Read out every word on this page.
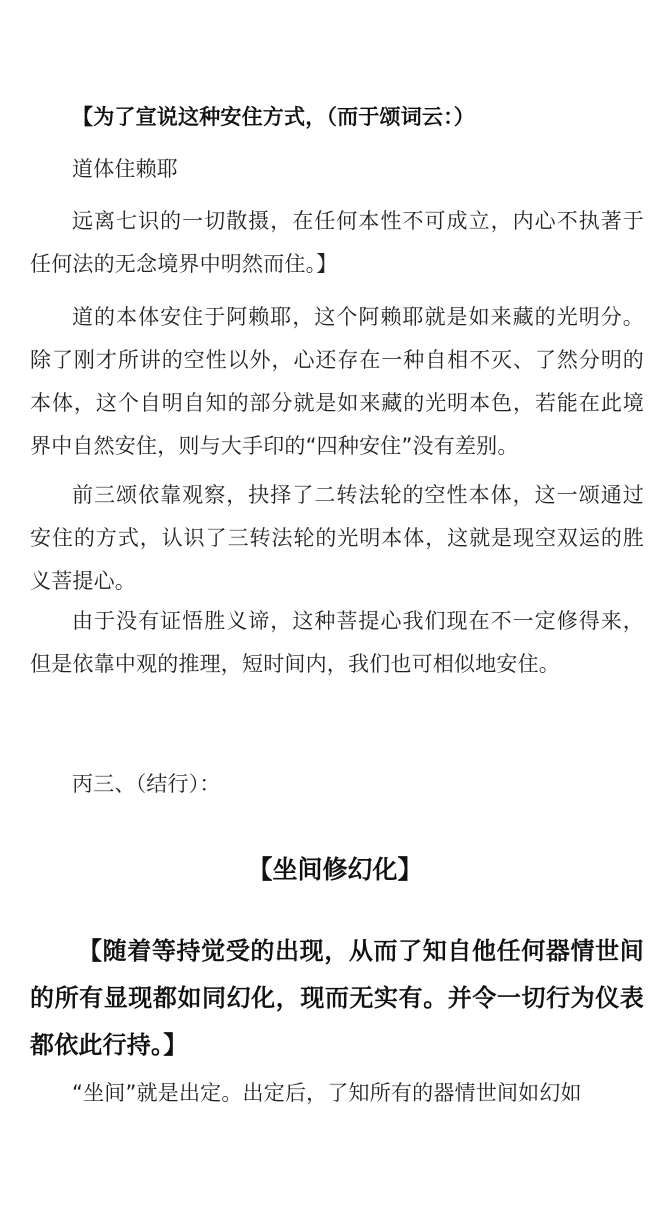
【为了宣说这种安住方式，（而于颂词云：）

道体住赖耶

远离七识的一切散摄，在任何本性不可成立，内心不执著于任何法的无念境界中明然而住。】

道的本体安住于阿赖耶，这个阿赖耶就是如来藏的光明分。除了刚才所讲的空性以外，心还存在一种自相不灭、了然分明的本体，这个自明自知的部分就是如来藏的光明本色，若能在此境界中自然安住，则与大手印的“四种安住”没有差别。

前三颂依靠观察，抉择了二转法轮的空性本体，这一颂通过安住的方式，认识了三转法轮的光明本体，这就是现空双运的胜义菩提心。

由于没有证悟胜义谛，这种菩提心我们现在不一定修得来，但是依靠中观的推理，短时间内，我们也可相似地安住。

丙三、（结行）：

【坐间修幻化】

【随着等持觉受的出现，从而了知自他任何器情世间的所有显现都如同幻化，现而无实有。并令一切行为仪表都依此行持。】

“坐间”就是出定。出定后，了知所有的器情世间如幻如
